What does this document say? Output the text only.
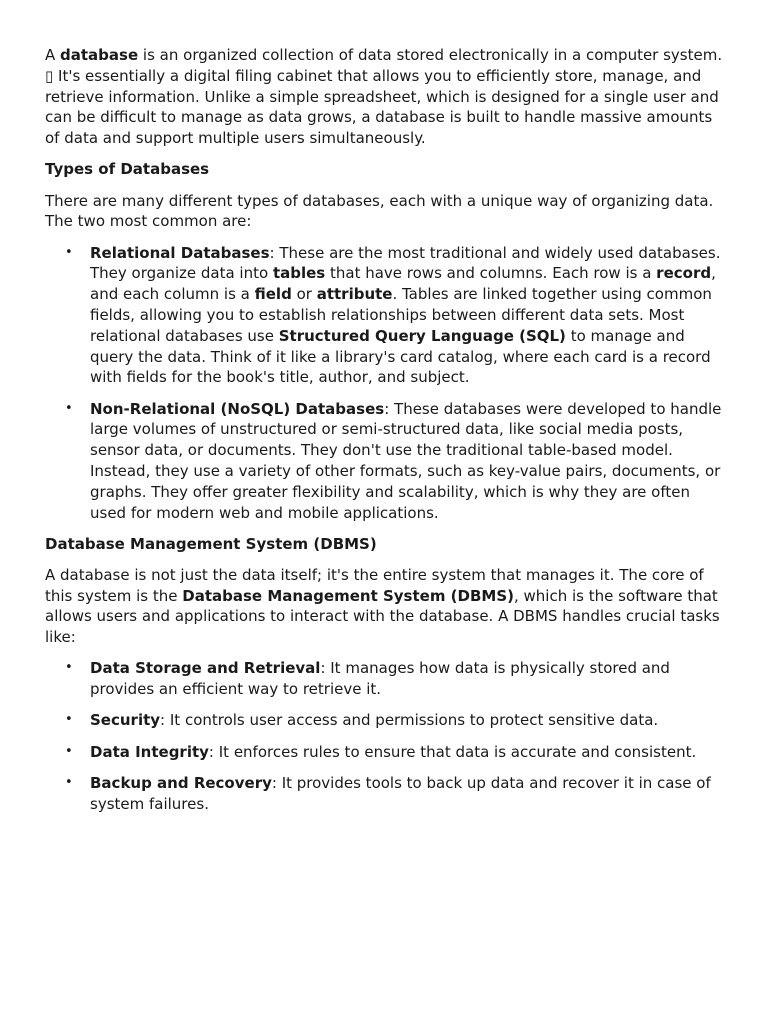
A database is an organized collection of data stored electronically in a computer system. ▯ It's essentially a digital filing cabinet that allows you to efficiently store, manage, and retrieve information. Unlike a simple spreadsheet, which is designed for a single user and can be difficult to manage as data grows, a database is built to handle massive amounts of data and support multiple users simultaneously.

Types of Databases

There are many different types of databases, each with a unique way of organizing data. The two most common are:

• Relational Databases: These are the most traditional and widely used databases. They organize data into tables that have rows and columns. Each row is a record, and each column is a field or attribute. Tables are linked together using common fields, allowing you to establish relationships between different data sets. Most relational databases use Structured Query Language (SQL) to manage and query the data. Think of it like a library's card catalog, where each card is a record with fields for the book's title, author, and subject.
• Non-Relational (NoSQL) Databases: These databases were developed to handle large volumes of unstructured or semi-structured data, like social media posts, sensor data, or documents. They don't use the traditional table-based model. Instead, they use a variety of other formats, such as key-value pairs, documents, or graphs. They offer greater flexibility and scalability, which is why they are often used for modern web and mobile applications.
Database Management System (DBMS)

A database is not just the data itself; it's the entire system that manages it. The core of this system is the Database Management System (DBMS), which is the software that allows users and applications to interact with the database. A DBMS handles crucial tasks like:

• Data Storage and Retrieval: It manages how data is physically stored and provides an efficient way to retrieve it.
• Security: It controls user access and permissions to protect sensitive data.
• Data Integrity: It enforces rules to ensure that data is accurate and consistent.
• Backup and Recovery: It provides tools to back up data and recover it in case of system failures.
